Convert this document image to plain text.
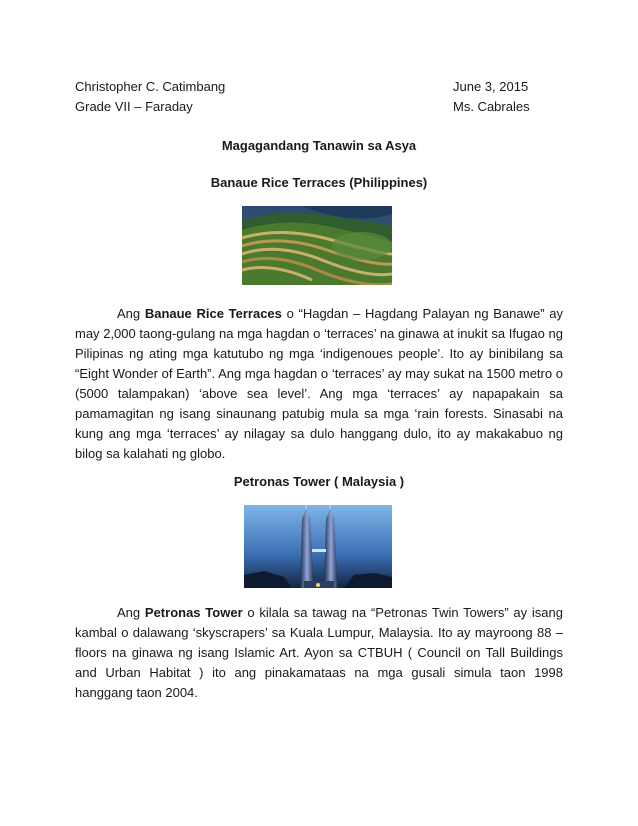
Christopher C. Catimbang	June 3, 2015
Grade VII – Faraday	Ms. Cabrales
Magagandang Tanawin sa Asya
Banaue Rice Terraces (Philippines)

Ang Banaue Rice Terraces o “Hagdan – Hagdang Palayan ng Banawe” ay may 2,000 taong-gulang na mga hagdan o ‘terraces’ na ginawa at inukit sa Ifugao ng Pilipinas ng ating mga katutubo ng mga ‘indigenoues people’. Ito ay binibilang sa “Eight Wonder of Earth”. Ang mga hagdan o ‘terraces’ ay may sukat na 1500 metro o (5000 talampakan) ‘above sea level’. Ang mga ‘terraces’ ay napapakain sa pamamagitan ng isang sinaunang patubig mula sa mga ‘rain forests. Sinasabi na kung ang mga ‘terraces’ ay nilagay sa dulo hanggang dulo, ito ay makakabuo ng bilog sa kalahati ng globo.

Petronas Tower ( Malaysia )

Ang Petronas Tower o kilala sa tawag na “Petronas Twin Towers” ay isang kambal o dalawang ‘skyscrapers’ sa Kuala Lumpur, Malaysia. Ito ay mayroong 88 – floors na ginawa ng isang Islamic Art. Ayon sa CTBUH ( Council on Tall Buildings and Urban Habitat ) ito ang pinakamataas na mga gusali simula taon 1998 hanggang taon 2004.
